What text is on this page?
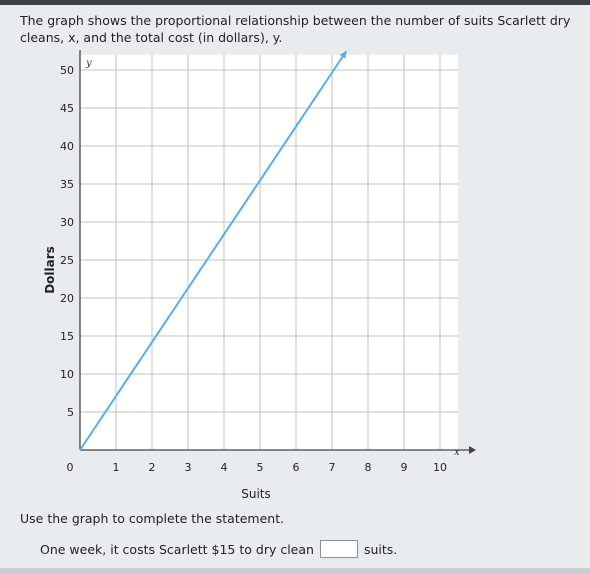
The graph shows the proportional relationship between the number of suits Scarlett dry cleans, x, and the total cost (in dollars), y.

1	2	3	4	5	6	7	8	9 10
5
10
15
20
25
30
35
40
45
50
Suits
Dollars
x
y
0

Use the graph to complete the statement.

One week, it costs Scarlett $15 to dry clean	suits.
